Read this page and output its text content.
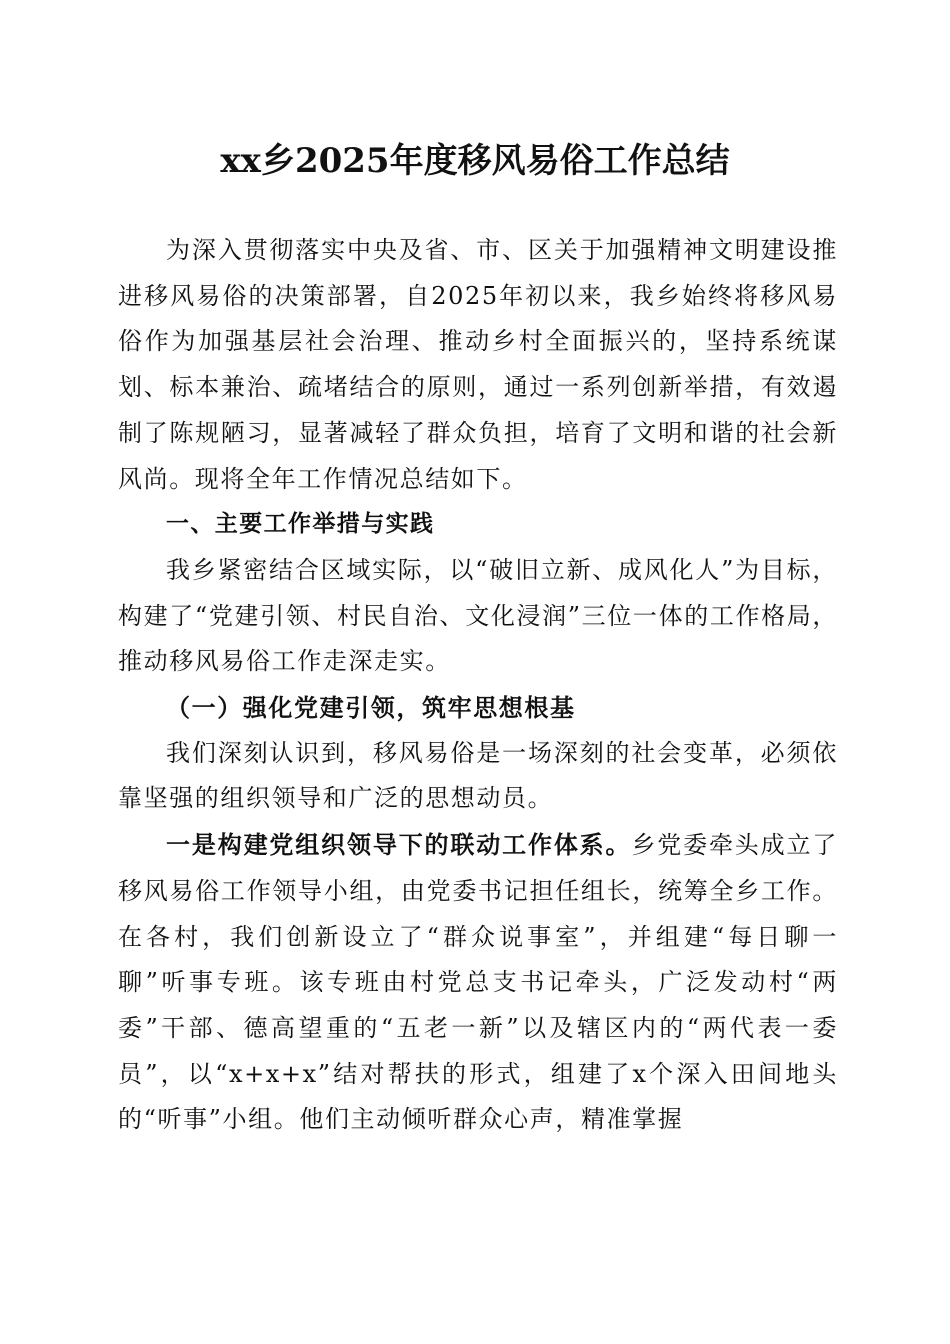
xx乡2025年度移风易俗工作总结

为深入贯彻落实中央及省、市、区关于加强精神文明建设推进移风易俗的决策部署，自2025年初以来，我乡始终将移风易俗作为加强基层社会治理、推动乡村全面振兴的，坚持系统谋划、标本兼治、疏堵结合的原则，通过一系列创新举措，有效遏制了陈规陋习，显著减轻了群众负担，培育了文明和谐的社会新风尚。现将全年工作情况总结如下。

一、主要工作举措与实践

我乡紧密结合区域实际，以“破旧立新、成风化人”为目标，构建了“党建引领、村民自治、文化浸润”三位一体的工作格局，推动移风易俗工作走深走实。

（一）强化党建引领，筑牢思想根基

我们深刻认识到，移风易俗是一场深刻的社会变革，必须依靠坚强的组织领导和广泛的思想动员。

一是构建党组织领导下的联动工作体系。乡党委牵头成立了移风易俗工作领导小组，由党委书记担任组长，统筹全乡工作。在各村，我们创新设立了“群众说事室”，并组建“每日聊一聊”听事专班。该专班由村党总支书记牵头，广泛发动村“两委”干部、德高望重的“五老一新”以及辖区内的“两代表一委员”，以“x+x+x”结对帮扶的形式，组建了x个深入田间地头的“听事”小组。他们主动倾听群众心声，精准掌握
